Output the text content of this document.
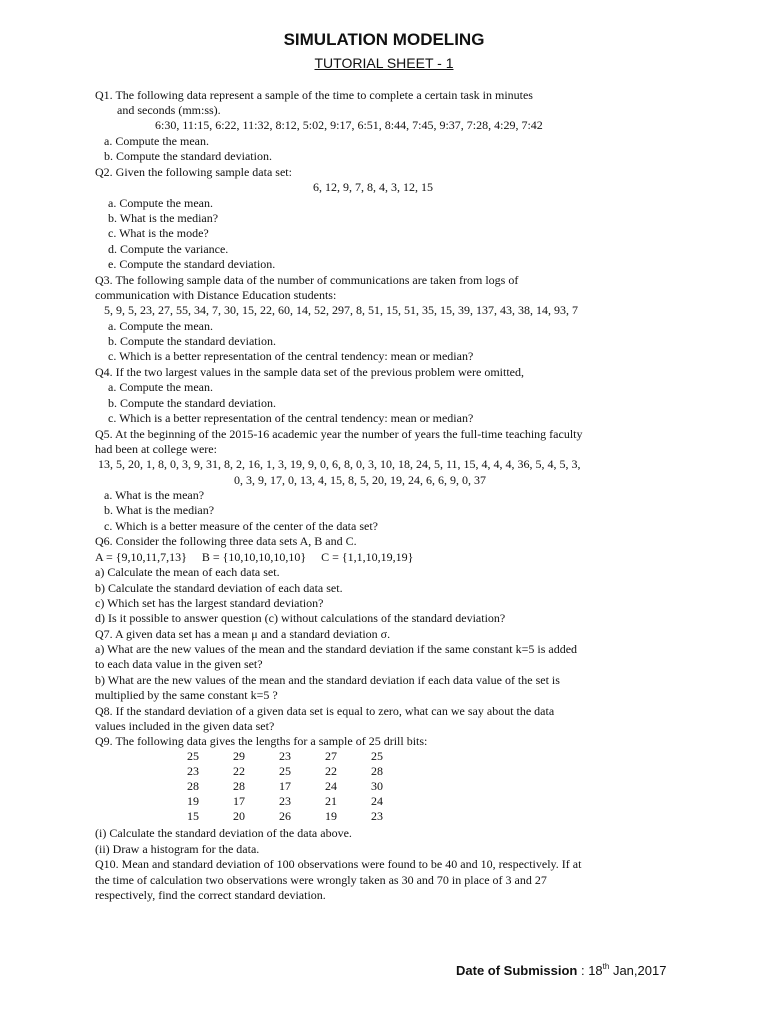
SIMULATION MODELING
TUTORIAL SHEET - 1
Q1. The following data represent a sample of the time to complete a certain task in minutes
and seconds (mm:ss).
6:30, 11:15, 6:22, 11:32, 8:12, 5:02, 9:17, 6:51, 8:44, 7:45, 9:37, 7:28, 4:29, 7:42
a. Compute the mean.
b. Compute the standard deviation.
Q2. Given the following sample data set:
6, 12, 9, 7, 8, 4, 3, 12, 15
a. Compute the mean.
b. What is the median?
c. What is the mode?
d. Compute the variance.
e. Compute the standard deviation.
Q3. The following sample data of the number of communications are taken from logs of
communication with Distance Education students:
5, 9, 5, 23, 27, 55, 34, 7, 30, 15, 22, 60, 14, 52, 297, 8, 51, 15, 51, 35, 15, 39, 137, 43, 38, 14, 93, 7
a. Compute the mean.
b. Compute the standard deviation.
c. Which is a better representation of the central tendency: mean or median?
Q4. If the two largest values in the sample data set of the previous problem were omitted,
a. Compute the mean.
b. Compute the standard deviation.
c. Which is a better representation of the central tendency: mean or median?
Q5. At the beginning of the 2015-16 academic year the number of years the full-time teaching faculty
had been at college were:
13, 5, 20, 1, 8, 0, 3, 9, 31, 8, 2, 16, 1, 3, 19, 9, 0, 6, 8, 0, 3, 10, 18, 24, 5, 11, 15, 4, 4, 4, 36, 5, 4, 5, 3,
0, 3, 9, 17, 0, 13, 4, 15, 8, 5, 20, 19, 24, 6, 6, 9, 0, 37
a. What is the mean?
b. What is the median?
c. Which is a better measure of the center of the data set?
Q6. Consider the following three data sets A, B and C.
A = {9,10,11,7,13}     B = {10,10,10,10,10}     C = {1,1,10,19,19}
a) Calculate the mean of each data set.
b) Calculate the standard deviation of each data set.
c) Which set has the largest standard deviation?
d) Is it possible to answer question (c) without calculations of the standard deviation?
Q7. A given data set has a mean μ and a standard deviation σ.
a) What are the new values of the mean and the standard deviation if the same constant k=5 is added
to each data value in the given set?
b) What are the new values of the mean and the standard deviation if each data value of the set is
multiplied by the same constant k=5 ?
Q8. If the standard deviation of a given data set is equal to zero, what can we say about the data
values included in the given data set?
Q9. The following data gives the lengths for a sample of 25 drill bits:
25	29	23	27	25
23	22	25	22	28
28	28	17	24	30
19	17	23	21	24
15	20	26	19	23
(i) Calculate the standard deviation of the data above.
(ii) Draw a histogram for the data.
Q10. Mean and standard deviation of 100 observations were found to be 40 and 10, respectively. If at
the time of calculation two observations were wrongly taken as 30 and 70 in place of 3 and 27
respectively, find the correct standard deviation.
Date of Submission : 18th Jan,2017
